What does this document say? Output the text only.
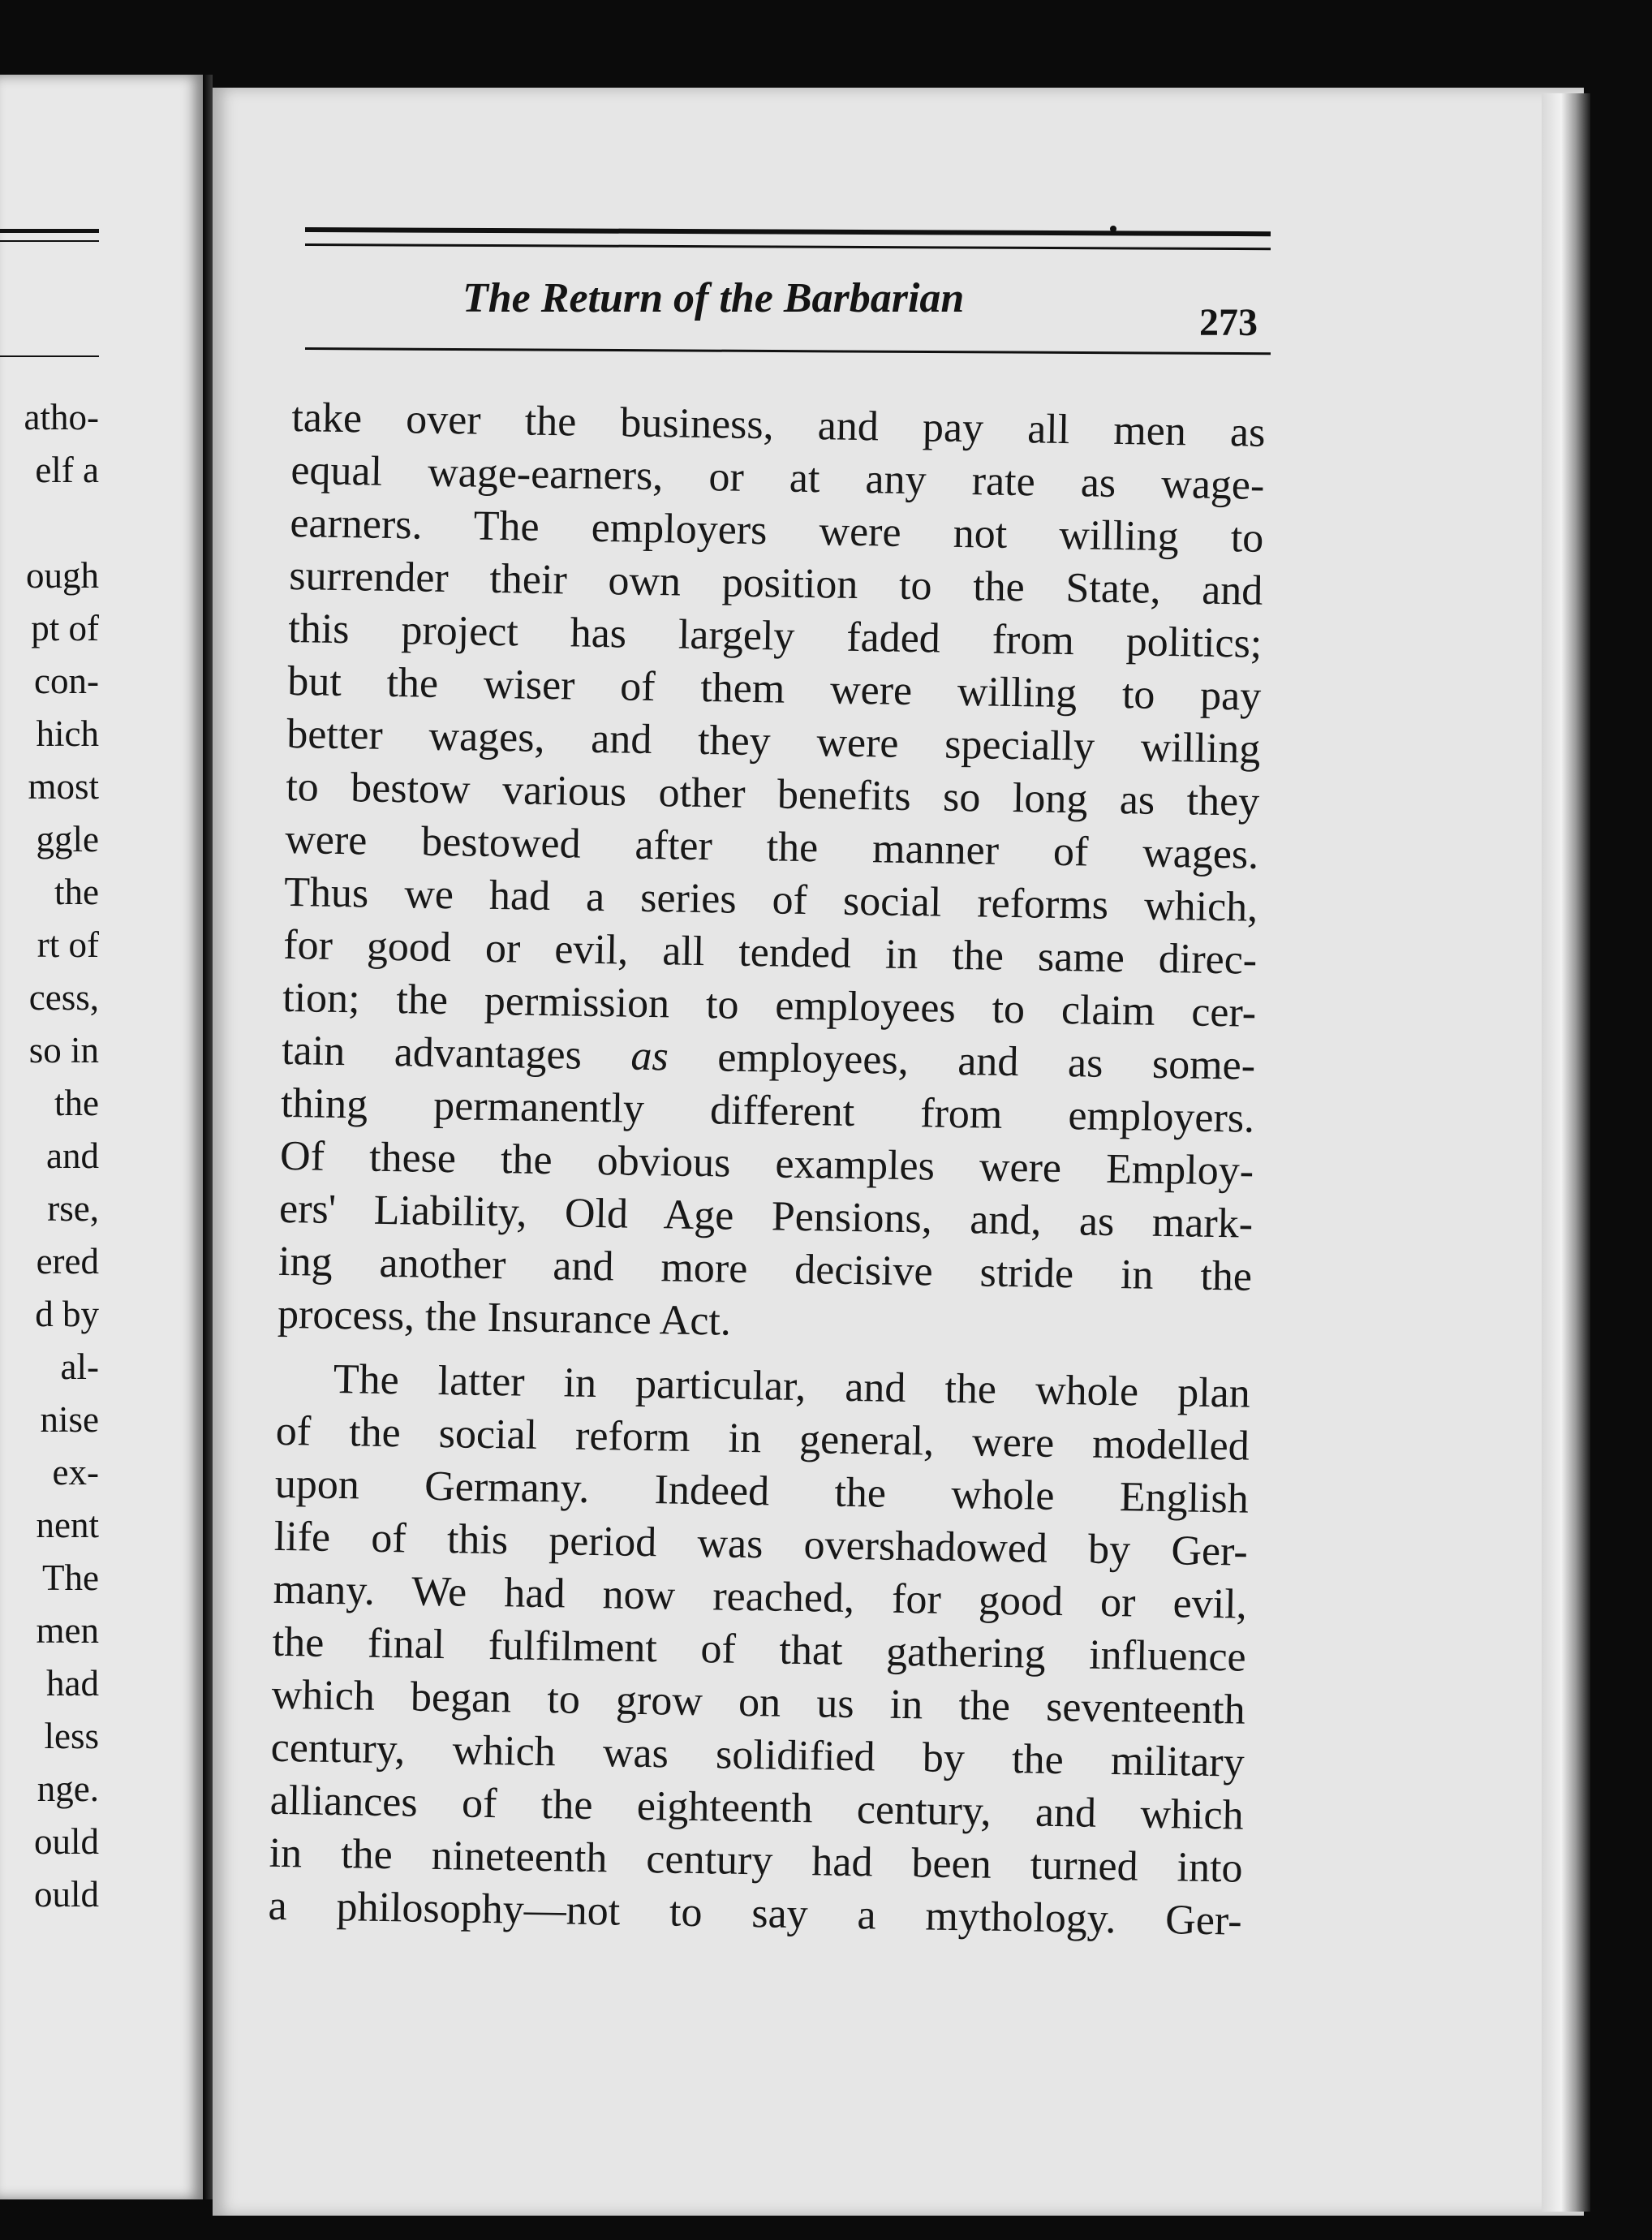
atho-
elf a
ough
pt of
con-
hich
most
ggle
the
rt of
cess,
so in
the
and
rse,
ered
d by
al-
nise
ex-
nent
The
men
had
less
nge.
ould
ould
The Return of the Barbarian
273
take over the business, and pay all men as
equal wage-earners, or at any rate as wage-
earners. The employers were not willing to
surrender their own position to the State, and
this project has largely faded from politics;
but the wiser of them were willing to pay
better wages, and they were specially willing
to bestow various other benefits so long as they
were bestowed after the manner of wages.
Thus we had a series of social reforms which,
for good or evil, all tended in the same direc-
tion; the permission to employees to claim cer-
tain advantages as employees, and as some-
thing permanently different from employers.
Of these the obvious examples were Employ-
ers' Liability, Old Age Pensions, and, as mark-
ing another and more decisive stride in the
process, the Insurance Act.
The latter in particular, and the whole plan
of the social reform in general, were modelled
upon Germany. Indeed the whole English
life of this period was overshadowed by Ger-
many. We had now reached, for good or evil,
the final fulfilment of that gathering influence
which began to grow on us in the seventeenth
century, which was solidified by the military
alliances of the eighteenth century, and which
in the nineteenth century had been turned into
a philosophy—not to say a mythology. Ger-
